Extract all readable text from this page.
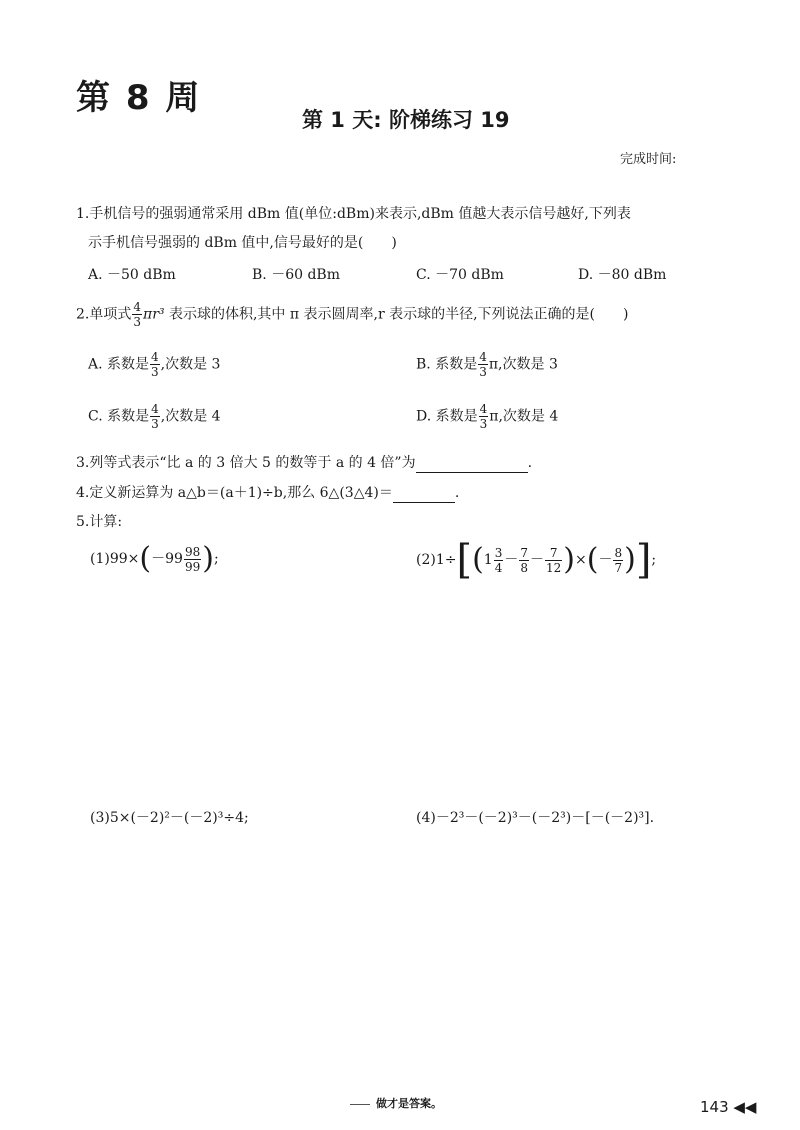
第 8 周
第 1 天: 阶梯练习 19
完成时间:
1.手机信号的强弱通常采用 dBm 值(单位:dBm)来表示,dBm 值越大表示信号越好,下列表
示手机信号强弱的 dBm 值中,信号最好的是(　　)
A. －50 dBm	B. －60 dBm	C. －70 dBm	D. －80 dBm
2.单项式 $\frac{4}{3} \pi r^3$ 表示球的体积,其中 π 表示圆周率,r 表示球的半径,下列说法正确的是(　　)
A. 系数是 $\frac{4}{3}$ ,次数是 3	B. 系数是 $\frac{4}{3} \pi$,次数是 3
C. 系数是 $\frac{4}{3}$ ,次数是 4	D. 系数是 $\frac{4}{3} \pi$,次数是 4
3.列等式表示“比 a 的 3 倍大 5 的数等于 a 的 4 倍”为	.
4.定义新运算为 a△b＝(a＋1)÷b,那么 6△(3△4)＝	.
5.计算:
$(1)99\times(-99 \frac{98}{99}$ );	$(2)1\div[(1 \frac{3}{4} - \frac{7}{8} - \frac{7}{12}$ )×(－ $\frac{8}{7}$ )];
(3)5×(－2)²－(－2)³÷4;	(4)－2³－(－2)³－(－2³)－[－(－2)³].
做才是答案。	143 ◀◀
